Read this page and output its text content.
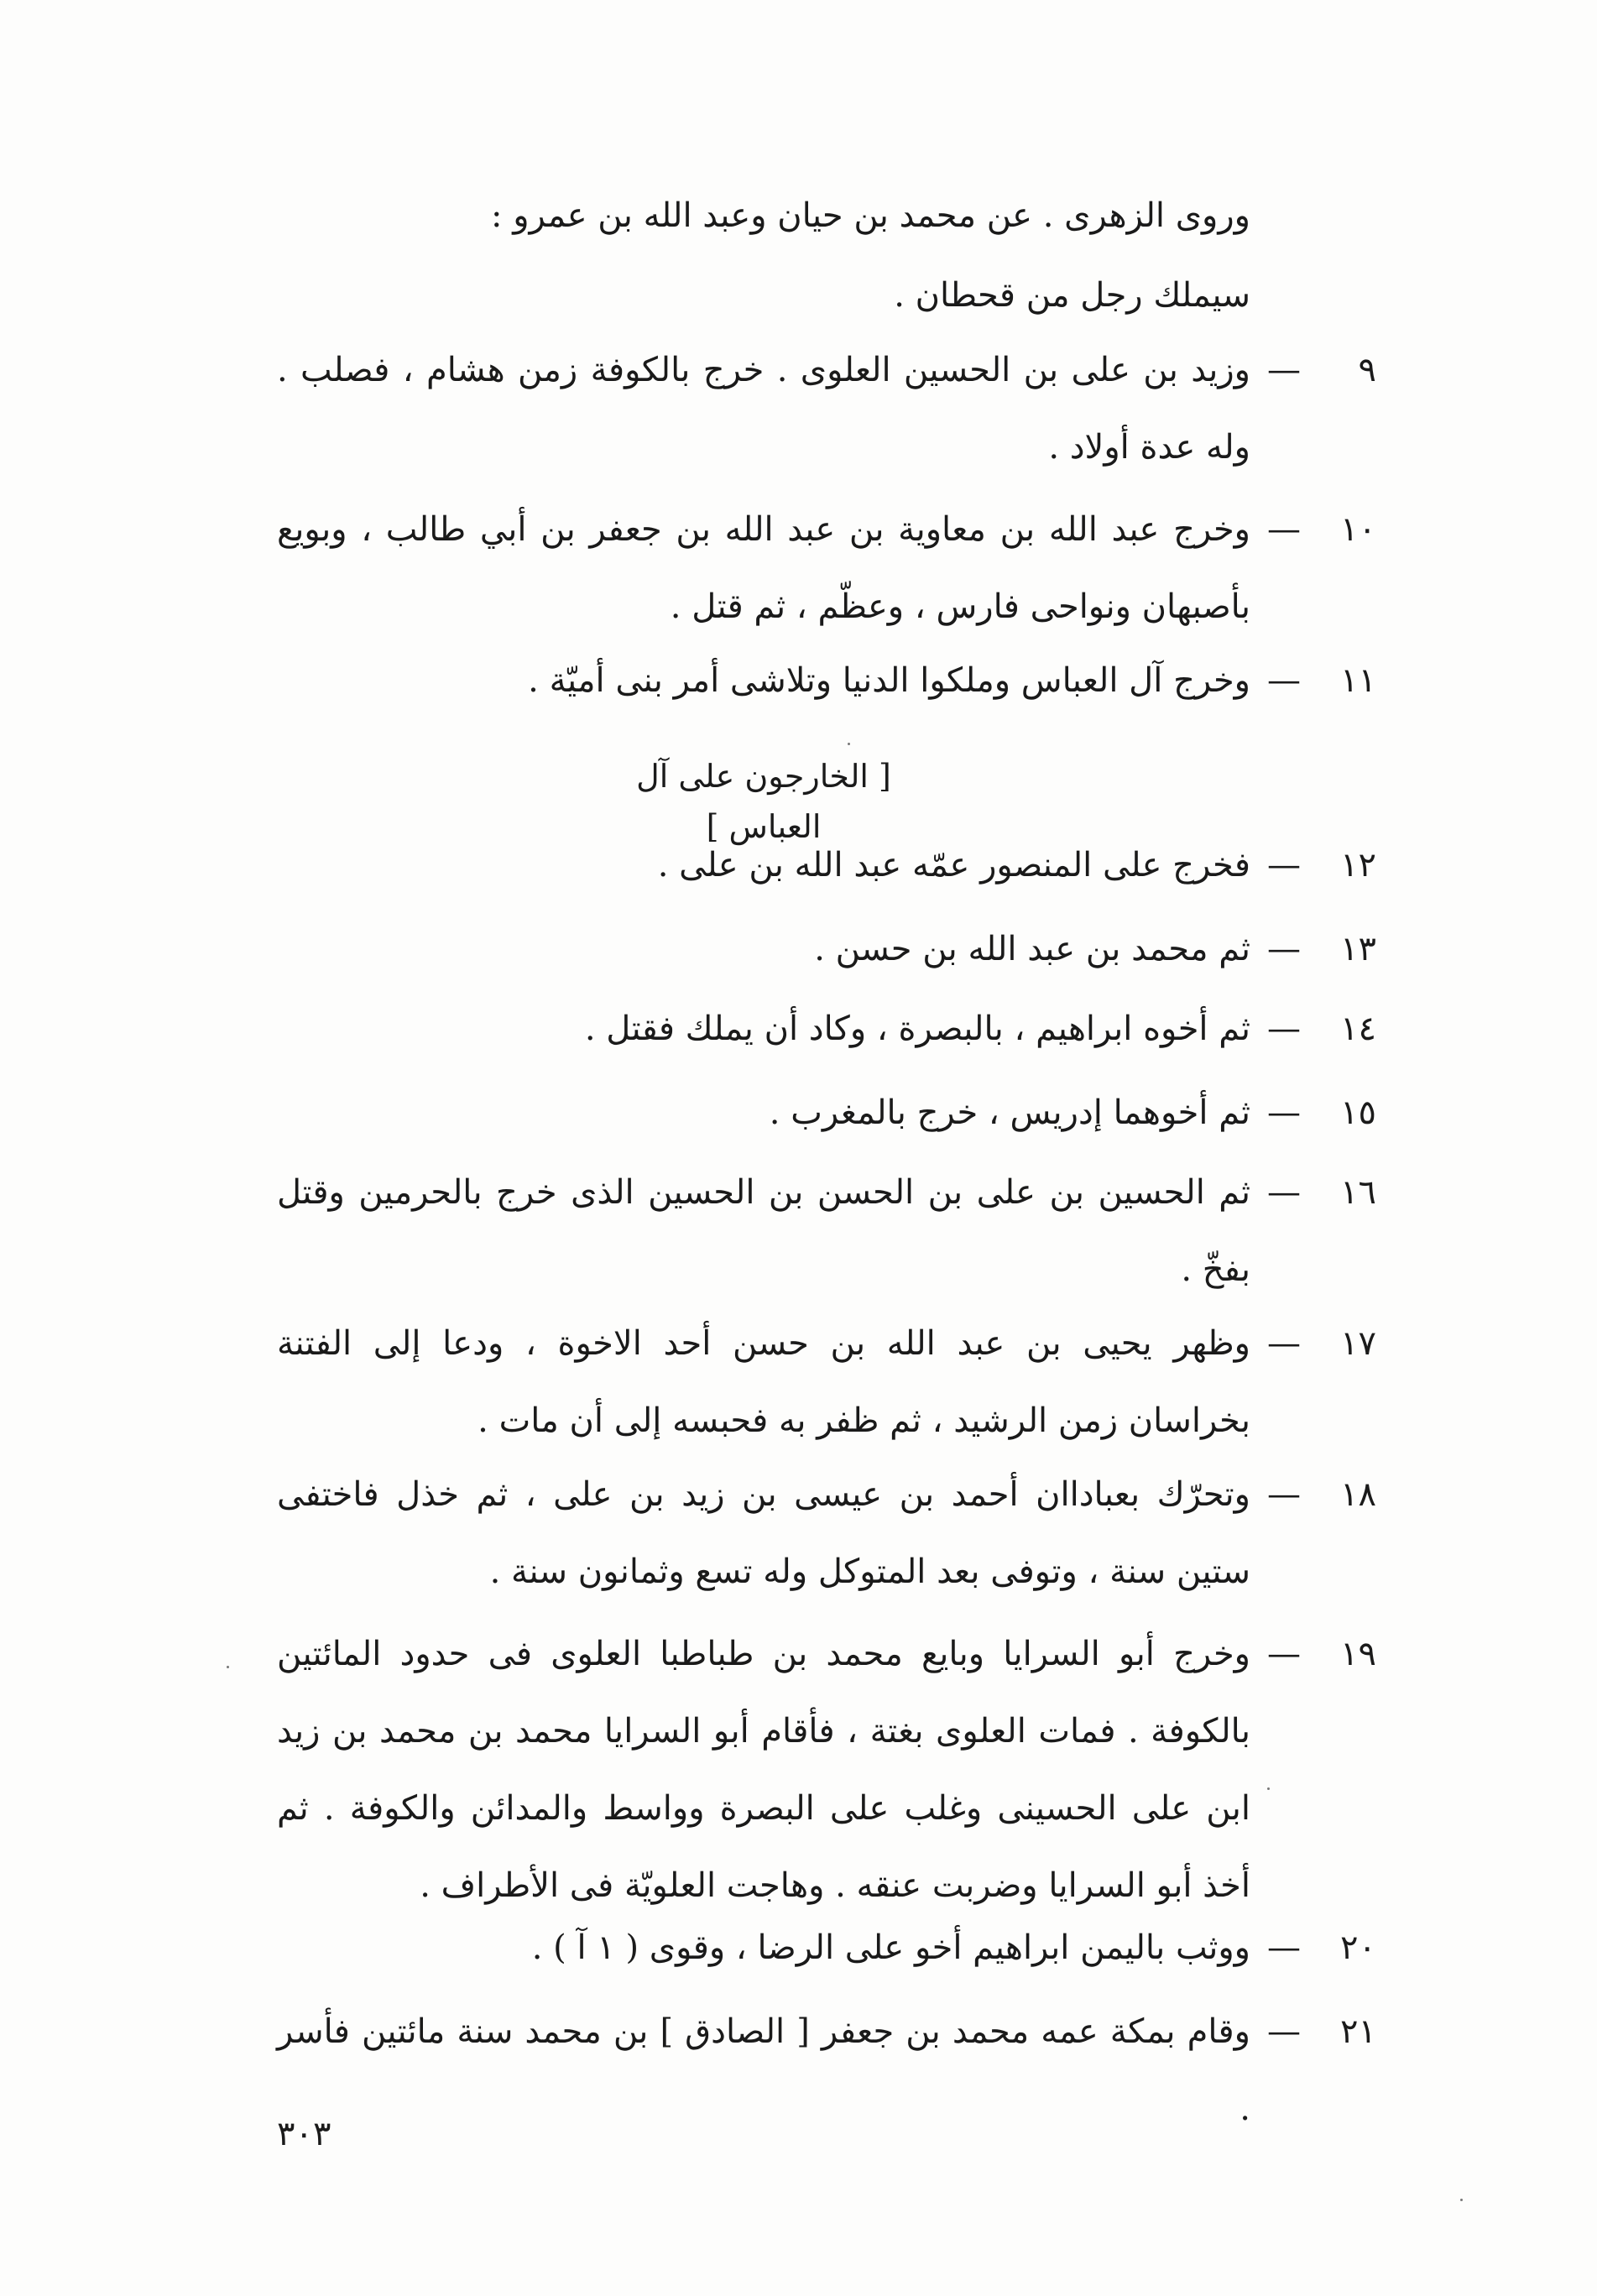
وروى الزهرى . عن محمد بن حيان وعبد الله بن عمرو :
سيملك رجل من قحطان .
٩
—
وزيد بن على بن الحسين العلوى . خرج بالكوفة زمن هشام ، فصلب . وله عدة أولاد .
١٠
—
وخرج عبد الله بن معاوية بن عبد الله بن جعفر بن أبي طالب ، وبويع بأصبهان ونواحى فارس ، وعظّم ، ثم قتل .
١١
—
وخرج آل العباس وملكوا الدنيا وتلاشى أمر بنى أميّة .
[ الخارجون على آل العباس ]
١٢
—
فخرج على المنصور عمّه عبد الله بن على .
١٣
—
ثم محمد بن عبد الله بن حسن .
١٤
—
ثم أخوه ابراهيم ، بالبصرة ، وكاد أن يملك فقتل .
١٥
—
ثم أخوهما إدريس ، خرج بالمغرب .
١٦
—
ثم الحسين بن على بن الحسن بن الحسين الذى خرج بالحرمين وقتل بفخّ .
١٧
—
وظهر يحيى بن عبد الله بن حسن أحد الاخوة ، ودعا إلى الفتنة بخراسان زمن الرشيد ، ثم ظفر به فحبسه إلى أن مات .
١٨
—
وتحرّك بعباداان أحمد بن عيسى بن زيد بن على ، ثم خذل فاختفى ستين سنة ، وتوفى بعد المتوكل وله تسع وثمانون سنة .
١٩
—
وخرج أبو السرايا وبايع محمد بن طباطبا العلوى فى حدود المائتين بالكوفة . فمات العلوى بغتة ، فأقام أبو السرايا محمد بن محمد بن زيد ابن على الحسينى وغلب على البصرة وواسط والمدائن والكوفة . ثم أخذ أبو السرايا وضربت عنقه . وهاجت العلويّة فى الأطراف .
٢٠
—
ووثب باليمن ابراهيم أخو على الرضا ، وقوى ( ١ آ ) .
٢١
—
وقام بمكة عمه محمد بن جعفر [ الصادق ] بن محمد سنة مائتين فأسر .
٣٠٣
